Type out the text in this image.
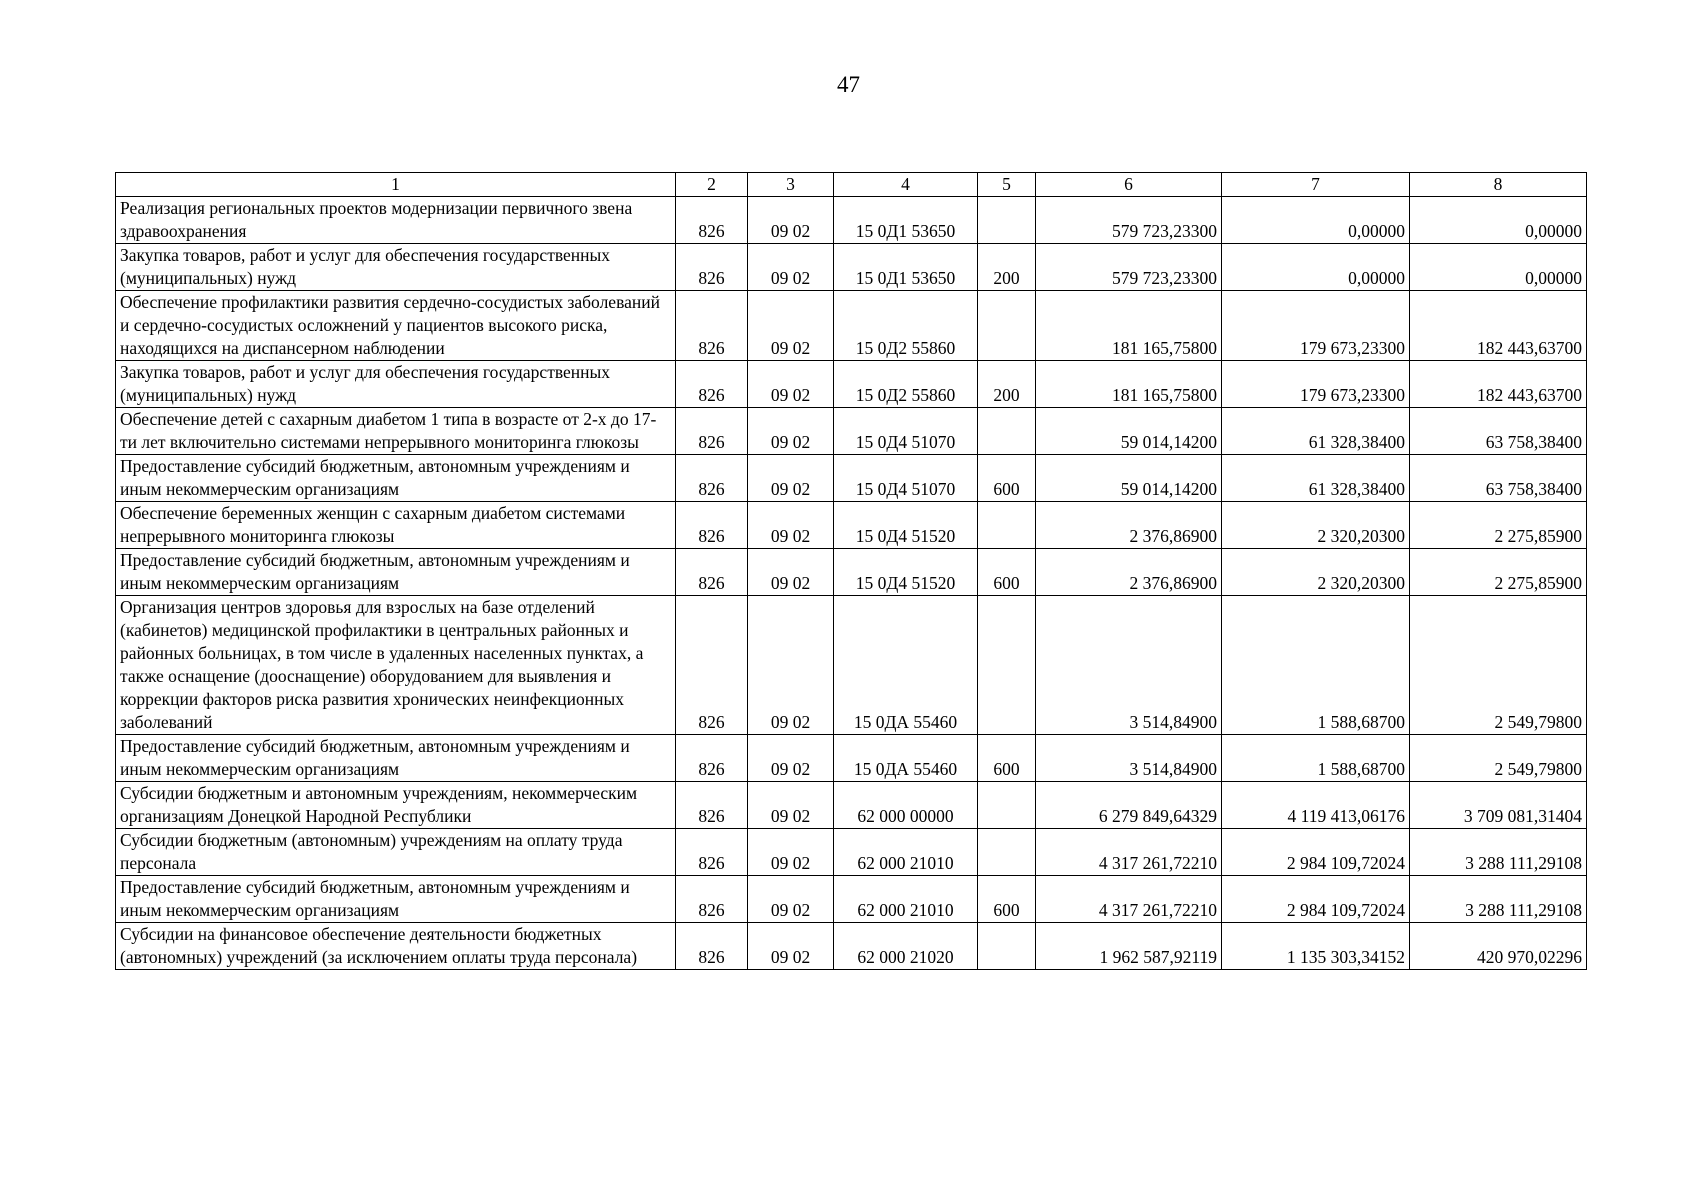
47
1	2	3	4	5	6	7	8
Реализация региональных проектов модернизации первичного звена здравоохранения	826	09 02	15 0Д1 53650		579 723,23300	0,00000	0,00000
Закупка товаров, работ и услуг для обеспечения государственных (муниципальных) нужд	826	09 02	15 0Д1 53650	200	579 723,23300	0,00000	0,00000
Обеспечение профилактики развития сердечно-сосудистых заболеваний и сердечно-сосудистых осложнений у пациентов высокого риска, находящихся на диспансерном наблюдении	826	09 02	15 0Д2 55860		181 165,75800	179 673,23300	182 443,63700
Закупка товаров, работ и услуг для обеспечения государственных (муниципальных) нужд	826	09 02	15 0Д2 55860	200	181 165,75800	179 673,23300	182 443,63700
Обеспечение детей с сахарным диабетом 1 типа в возрасте от 2-х до 17-ти лет включительно системами непрерывного мониторинга глюкозы	826	09 02	15 0Д4 51070		59 014,14200	61 328,38400	63 758,38400
Предоставление субсидий бюджетным, автономным учреждениям и иным некоммерческим организациям	826	09 02	15 0Д4 51070	600	59 014,14200	61 328,38400	63 758,38400
Обеспечение беременных женщин с сахарным диабетом системами непрерывного мониторинга глюкозы	826	09 02	15 0Д4 51520		2 376,86900	2 320,20300	2 275,85900
Предоставление субсидий бюджетным, автономным учреждениям и иным некоммерческим организациям	826	09 02	15 0Д4 51520	600	2 376,86900	2 320,20300	2 275,85900
Организация центров здоровья для взрослых на базе отделений (кабинетов) медицинской профилактики в центральных районных и районных больницах, в том числе в удаленных населенных пунктах, а также оснащение (дооснащение) оборудованием для выявления и коррекции факторов риска развития хронических неинфекционных заболеваний	826	09 02	15 0ДА 55460		3 514,84900	1 588,68700	2 549,79800
Предоставление субсидий бюджетным, автономным учреждениям и иным некоммерческим организациям	826	09 02	15 0ДА 55460	600	3 514,84900	1 588,68700	2 549,79800
Субсидии бюджетным и автономным учреждениям, некоммерческим организациям Донецкой Народной Республики	826	09 02	62 000 00000		6 279 849,64329	4 119 413,06176	3 709 081,31404
Субсидии бюджетным (автономным) учреждениям на оплату труда персонала	826	09 02	62 000 21010		4 317 261,72210	2 984 109,72024	3 288 111,29108
Предоставление субсидий бюджетным, автономным учреждениям и иным некоммерческим организациям	826	09 02	62 000 21010	600	4 317 261,72210	2 984 109,72024	3 288 111,29108
Субсидии на финансовое обеспечение деятельности бюджетных (автономных) учреждений (за исключением оплаты труда персонала)	826	09 02	62 000 21020		1 962 587,92119	1 135 303,34152	420 970,02296
